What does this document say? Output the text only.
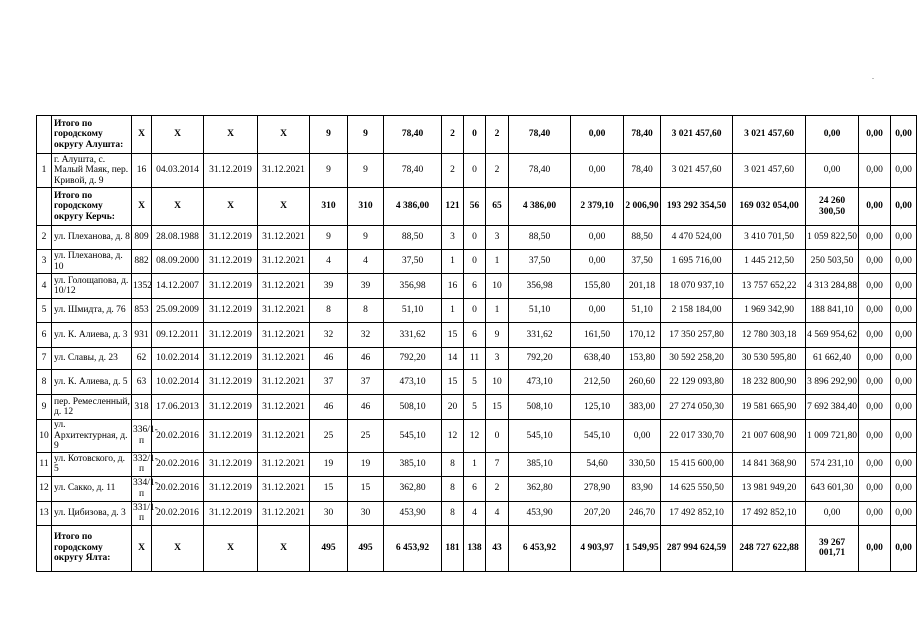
.
	Итого по городскому округу Алушта:	X	X	X	X	9	9	78,40	2	0	2	78,40	0,00	78,40	3 021 457,60	3 021 457,60	0,00	0,00	0,00
1	г. Алушта, с. Малый Маяк, пер. Кривой, д. 9	16	04.03.2014	31.12.2019	31.12.2021	9	9	78,40	2	0	2	78,40	0,00	78,40	3 021 457,60	3 021 457,60	0,00	0,00	0,00
	Итого по городскому округу Керчь:	X	X	X	X	310	310	4 386,00	121	56	65	4 386,00	2 379,10	2 006,90	193 292 354,50	169 032 054,00	24 260 300,50	0,00	0,00
2	ул. Плеханова, д. 8	809	28.08.1988	31.12.2019	31.12.2021	9	9	88,50	3	0	3	88,50	0,00	88,50	4 470 524,00	3 410 701,50	1 059 822,50	0,00	0,00
3	ул. Плеханова, д. 10	882	08.09.2000	31.12.2019	31.12.2021	4	4	37,50	1	0	1	37,50	0,00	37,50	1 695 716,00	1 445 212,50	250 503,50	0,00	0,00
4	ул. Голощапова, д. 10/12	1352	14.12.2007	31.12.2019	31.12.2021	39	39	356,98	16	6	10	356,98	155,80	201,18	18 070 937,10	13 757 652,22	4 313 284,88	0,00	0,00
5	ул. Шмидта, д. 76	853	25.09.2009	31.12.2019	31.12.2021	8	8	51,10	1	0	1	51,10	0,00	51,10	2 158 184,00	1 969 342,90	188 841,10	0,00	0,00
6	ул. К. Алиева, д. 3	931	09.12.2011	31.12.2019	31.12.2021	32	32	331,62	15	6	9	331,62	161,50	170,12	17 350 257,80	12 780 303,18	4 569 954,62	0,00	0,00
7	ул. Славы, д. 23	62	10.02.2014	31.12.2019	31.12.2021	46	46	792,20	14	11	3	792,20	638,40	153,80	30 592 258,20	30 530 595,80	61 662,40	0,00	0,00
8	ул. К. Алиева, д. 5	63	10.02.2014	31.12.2019	31.12.2021	37	37	473,10	15	5	10	473,10	212,50	260,60	22 129 093,80	18 232 800,90	3 896 292,90	0,00	0,00
9	пер. Ремесленный, д. 12	318	17.06.2013	31.12.2019	31.12.2021	46	46	508,10	20	5	15	508,10	125,10	383,00	27 274 050,30	19 581 665,90	7 692 384,40	0,00	0,00
10	ул. Архитектурная, д. 9	336/1-п	20.02.2016	31.12.2019	31.12.2021	25	25	545,10	12	12	0	545,10	545,10	0,00	22 017 330,70	21 007 608,90	1 009 721,80	0,00	0,00
11	ул. Котовского, д. 5	332/1-п	20.02.2016	31.12.2019	31.12.2021	19	19	385,10	8	1	7	385,10	54,60	330,50	15 415 600,00	14 841 368,90	574 231,10	0,00	0,00
12	ул. Сакко, д. 11	334/1-п	20.02.2016	31.12.2019	31.12.2021	15	15	362,80	8	6	2	362,80	278,90	83,90	14 625 550,50	13 981 949,20	643 601,30	0,00	0,00
13	ул. Цибизова, д. 3	331/1-п	20.02.2016	31.12.2019	31.12.2021	30	30	453,90	8	4	4	453,90	207,20	246,70	17 492 852,10	17 492 852,10	0,00	0,00	0,00
	Итого по городскому округу Ялта:	X	X	X	X	495	495	6 453,92	181	138	43	6 453,92	4 903,97	1 549,95	287 994 624,59	248 727 622,88	39 267 001,71	0,00	0,00
